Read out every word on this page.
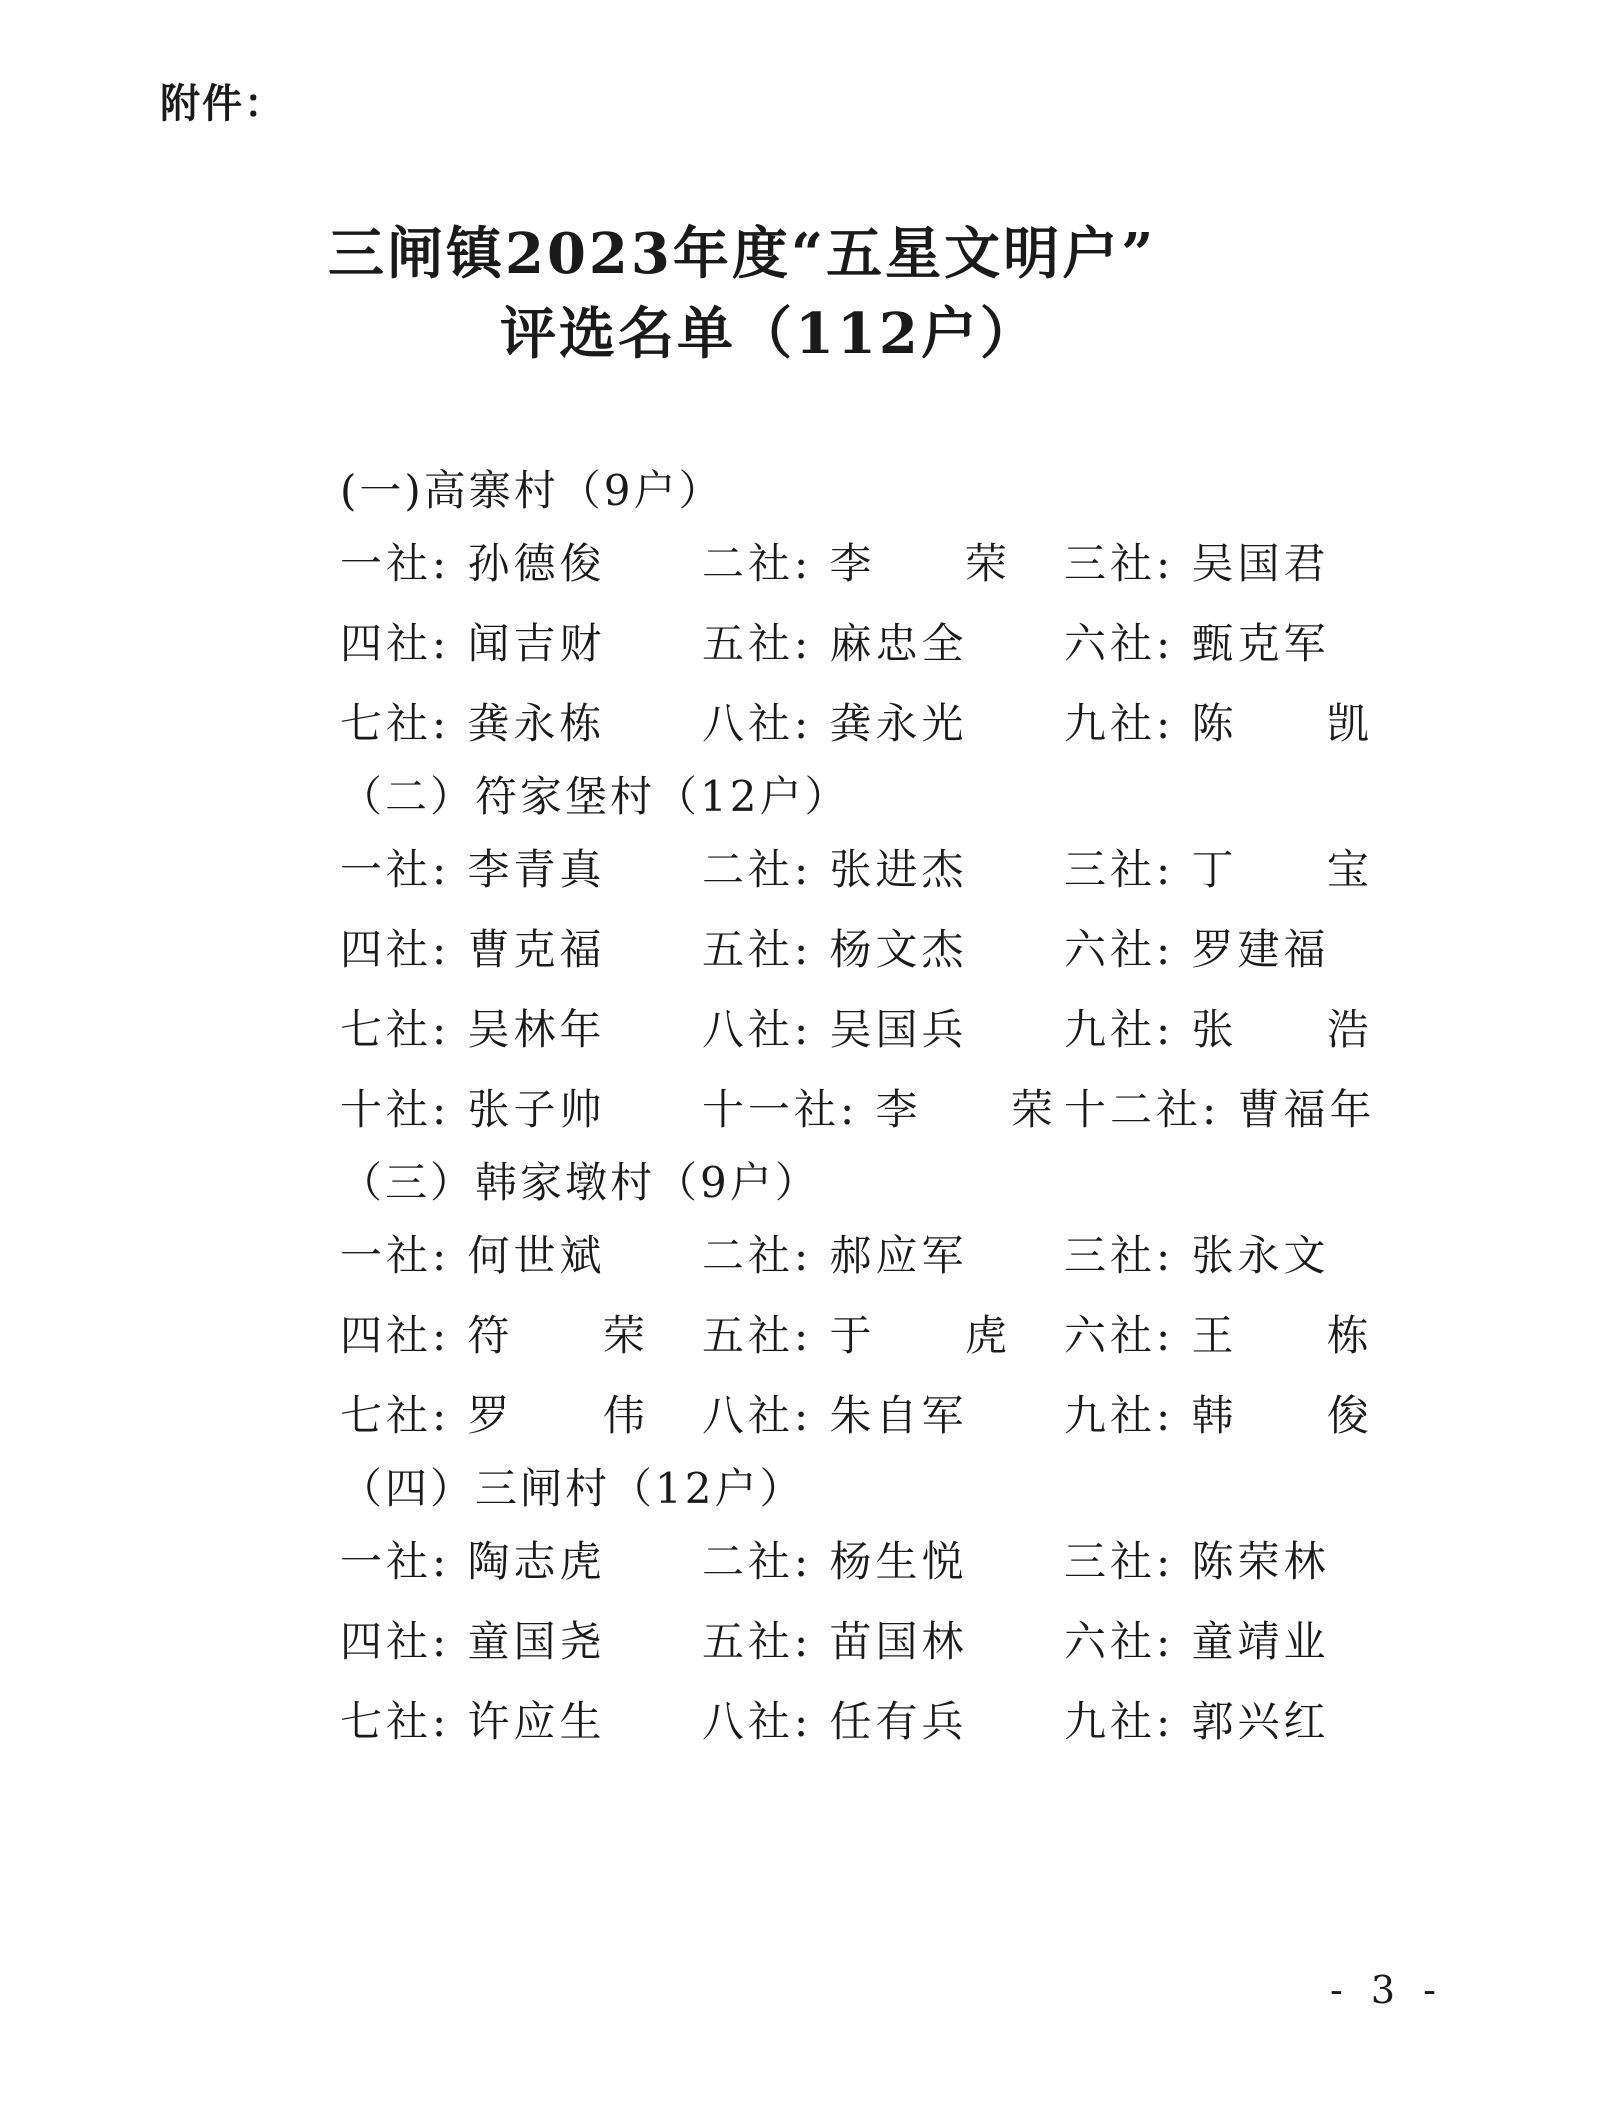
附件：
三闸镇2023年度“五星文明户”
评选名单（112户）
(一)高寨村（9户）
一社: 孙德俊 二社: 李 荣 三社: 吴国君
四社: 闻吉财 五社: 麻忠全 六社: 甄克军
七社: 龚永栋 八社: 龚永光 九社: 陈 凯
（二）符家堡村（12户）
一社: 李青真 二社: 张进杰 三社: 丁 宝
四社: 曹克福 五社: 杨文杰 六社: 罗建福
七社: 吴林年 八社: 吴国兵 九社: 张 浩
十社: 张子帅 十一社: 李 荣
十二社: 曹福年
（三）韩家墩村（9户）
一社: 何世斌 二社: 郝应军 三社: 张永文
四社: 符 荣 五社: 于 虎 六社: 王 栋
七社: 罗 伟 八社: 朱自军 九社: 韩 俊
（四）三闸村（12户）
一社: 陶志虎 二社: 杨生悦 三社: 陈荣林
四社: 童国尧 五社: 苗国林 六社: 童靖业
七社: 许应生 八社: 任有兵 九社: 郭兴红
- 3 -
